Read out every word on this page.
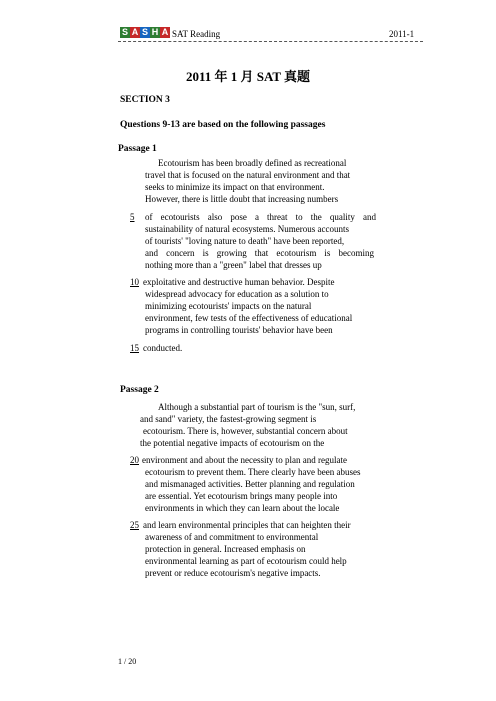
S A S H A SAT Reading	2011-1
2011 年 1 月 SAT 真题
SECTION 3
Questions 9-13 are based on the following passages
Passage 1
Ecotourism has been broadly defined as recreational
travel that is focused on the natural environment and that
seeks to minimize its impact on that environment.
However, there is little doubt that increasing numbers
5 of ecotourists also pose a threat to the quality and
sustainability of natural ecosystems. Numerous accounts
of tourists' "loving nature to death" have been reported,
and concern is growing that ecotourism is becoming
nothing more than a "green" label that dresses up
10 exploitative and destructive human behavior. Despite
widespread advocacy for education as a solution to
minimizing ecotourists' impacts on the natural
environment, few tests of the effectiveness of educational
programs in controlling tourists' behavior have been
15 conducted.
Passage 2
Although a substantial part of tourism is the "sun, surf,
and sand" variety, the fastest-growing segment is
ecotourism. There is, however, substantial concern about
the potential negative impacts of ecotourism on the
20 environment and about the necessity to plan and regulate
ecotourism to prevent them. There clearly have been abuses
and mismanaged activities. Better planning and regulation
are essential. Yet ecotourism brings many people into
environments in which they can learn about the locale
25 and learn environmental principles that can heighten their
awareness of and commitment to environmental
protection in general. Increased emphasis on
environmental learning as part of ecotourism could help
prevent or reduce ecotourism's negative impacts.
1 / 20
